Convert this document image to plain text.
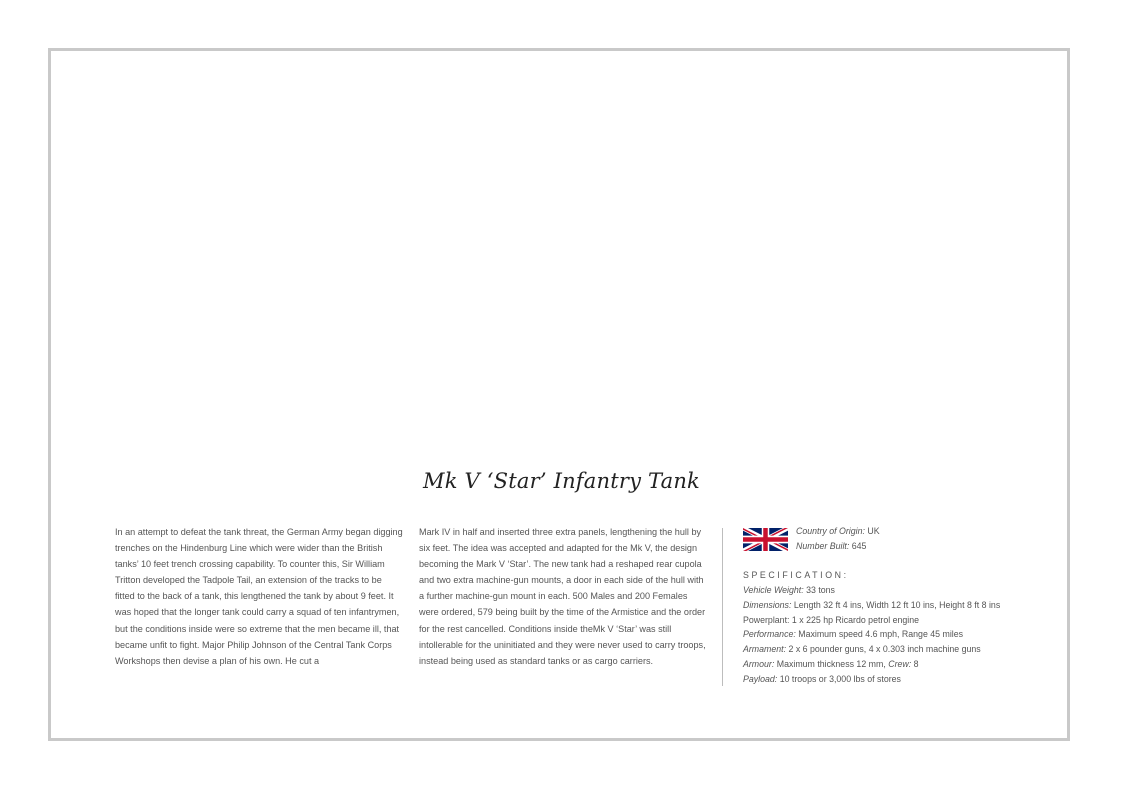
Mk V ‘Star’ Infantry Tank

In an attempt to defeat the tank threat, the German Army began digging trenches on the Hindenburg Line which were wider than the British tanks’ 10 feet trench crossing capability. To counter this, Sir William Tritton developed the Tadpole Tail, an extension of the tracks to be fitted to the back of a tank, this lengthened the tank by about 9 feet. It was hoped that the longer tank could carry a squad of ten infantrymen, but the conditions inside were so extreme that the men became ill, that became unfit to fight. Major Philip Johnson of the Central Tank Corps Workshops then devise a plan of his own. He cut a

Mark IV in half and inserted three extra panels, lengthening the hull by six feet. The idea was accepted and adapted for the Mk V, the design becoming the Mark V ‘Star’. The new tank had a reshaped rear cupola and two extra machine-gun mounts, a door in each side of the hull with a further machine-gun mount in each. 500 Males and 200 Females were ordered, 579 being built by the time of the Armistice and the order for the rest cancelled. Conditions inside theMk V ‘Star’ was still intollerable for the uninitiated and they were never used to carry troops, instead being used as standard tanks or as cargo carriers.

Country of Origin: UK
Number Built: 645
SPECIFICATION:
Vehicle Weight: 33 tons
Dimensions: Length 32 ft 4 ins, Width 12 ft 10 ins, Height 8 ft 8 ins
Powerplant: 1 x 225 hp Ricardo petrol engine
Performance: Maximum speed 4.6 mph, Range 45 miles
Armament: 2 x 6 pounder guns, 4 x 0.303 inch machine guns
Armour: Maximum thickness 12 mm, Crew: 8
Payload: 10 troops or 3,000 lbs of stores
